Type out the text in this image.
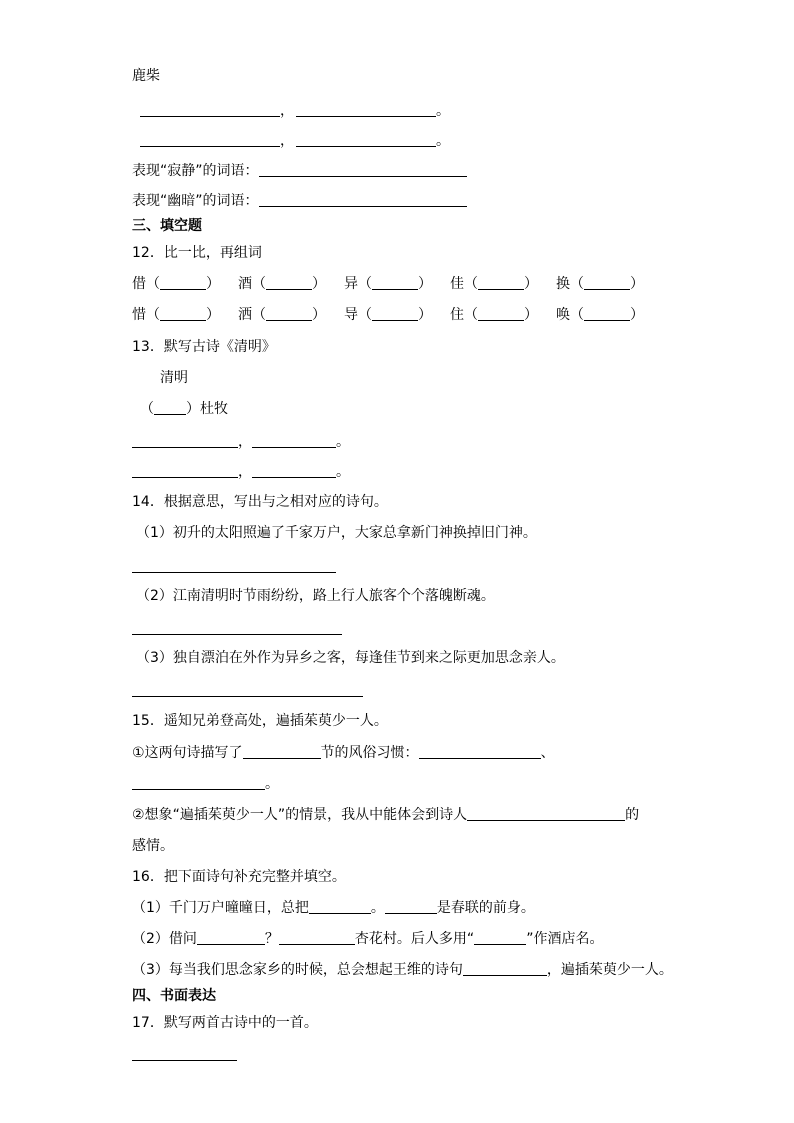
鹿柴
，	。
，	。
表现“寂静”的词语：
表现“幽暗”的词语：
三、填空题
12．比一比，再组词
借（	） 酒（	） 异（	） 佳（	） 换（	）
惜（	） 洒（	） 导（	） 住（	） 唤（	）
13．默写古诗《清明》
清明
（ ）杜牧
，	。
，	。
14．根据意思，写出与之相对应的诗句。
（1）初升的太阳照遍了千家万户，大家总拿新门神换掉旧门神。
（2）江南清明时节雨纷纷，路上行人旅客个个落魄断魂。
（3）独自漂泊在外作为异乡之客，每逢佳节到来之际更加思念亲人。
15．遥知兄弟登高处，遍插茱萸少一人。
①这两句诗描写了	节的风俗习惯：	、
。
②想象“遍插茱萸少一人”的情景，我从中能体会到诗人	的
感情。
16．把下面诗句补充完整并填空。
（1）千门万户曈曈日，总把	。	是春联的前身。
（2）借问	？	杏花村。后人多用“	”作酒店名。
（3）每当我们思念家乡的时候，总会想起王维的诗句	，遍插茱萸少一人。
四、书面表达
17．默写两首古诗中的一首。
